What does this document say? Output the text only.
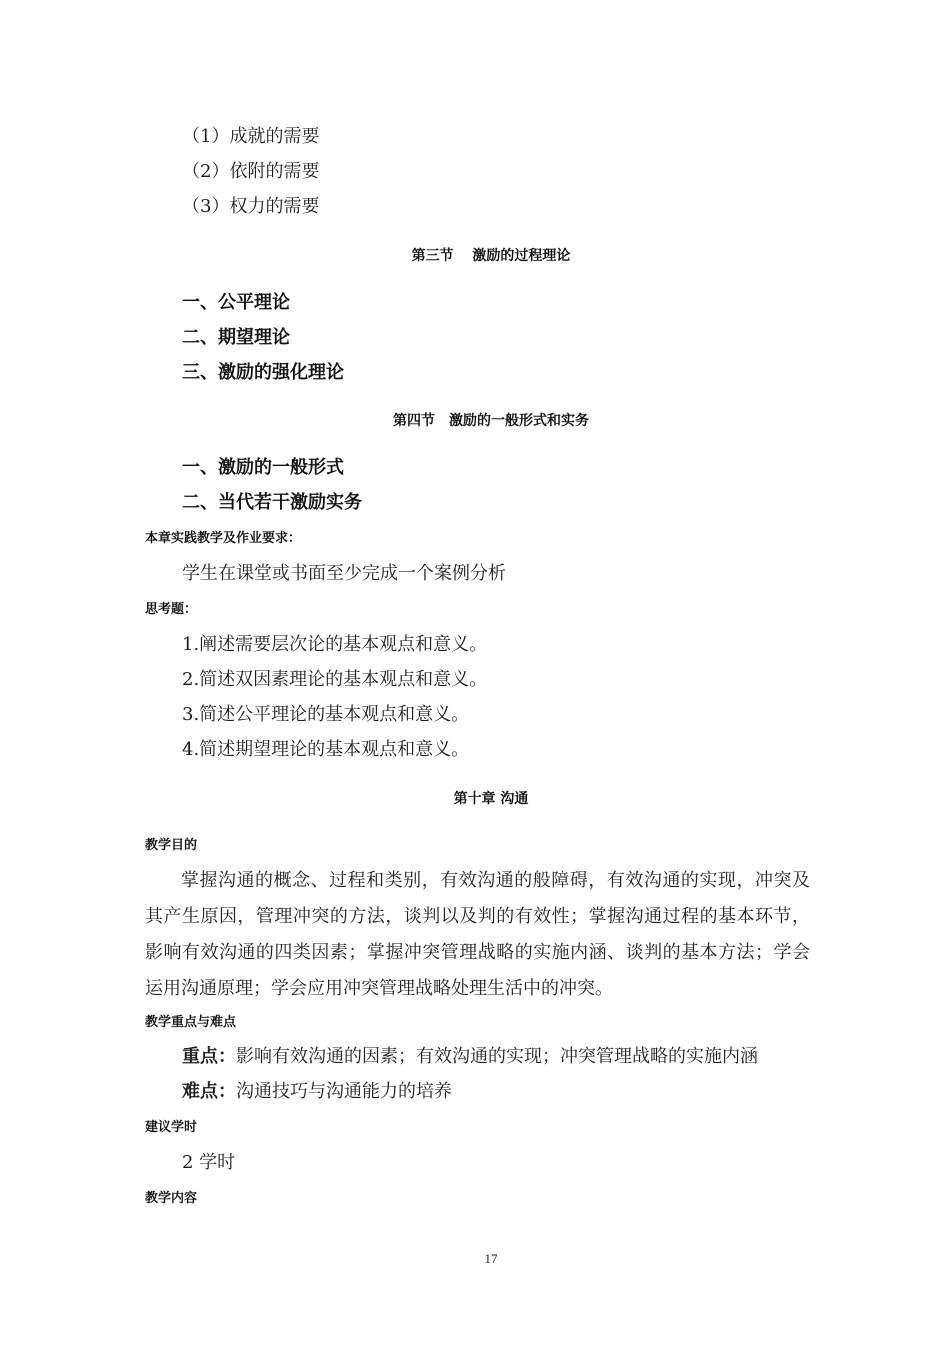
（1）成就的需要
（2）依附的需要
（3）权力的需要
第三节　 激励的过程理论
一、公平理论
二、期望理论
三、激励的强化理论
第四节　激励的一般形式和实务
一、激励的一般形式
二、当代若干激励实务
本章实践教学及作业要求：
学生在课堂或书面至少完成一个案例分析
思考题：
1.阐述需要层次论的基本观点和意义。
2.简述双因素理论的基本观点和意义。
3.简述公平理论的基本观点和意义。
4.简述期望理论的基本观点和意义。
第十章 沟通
教学目的
掌握沟通的概念、过程和类别，有效沟通的般障碍，有效沟通的实现，冲突及其产生原因，管理冲突的方法，谈判以及判的有效性；掌握沟通过程的基本环节，影响有效沟通的四类因素；掌握冲突管理战略的实施内涵、谈判的基本方法；学会运用沟通原理；学会应用冲突管理战略处理生活中的冲突。
教学重点与难点
重点：影响有效沟通的因素；有效沟通的实现；冲突管理战略的实施内涵
难点：沟通技巧与沟通能力的培养
建议学时
2 学时
教学内容
17
